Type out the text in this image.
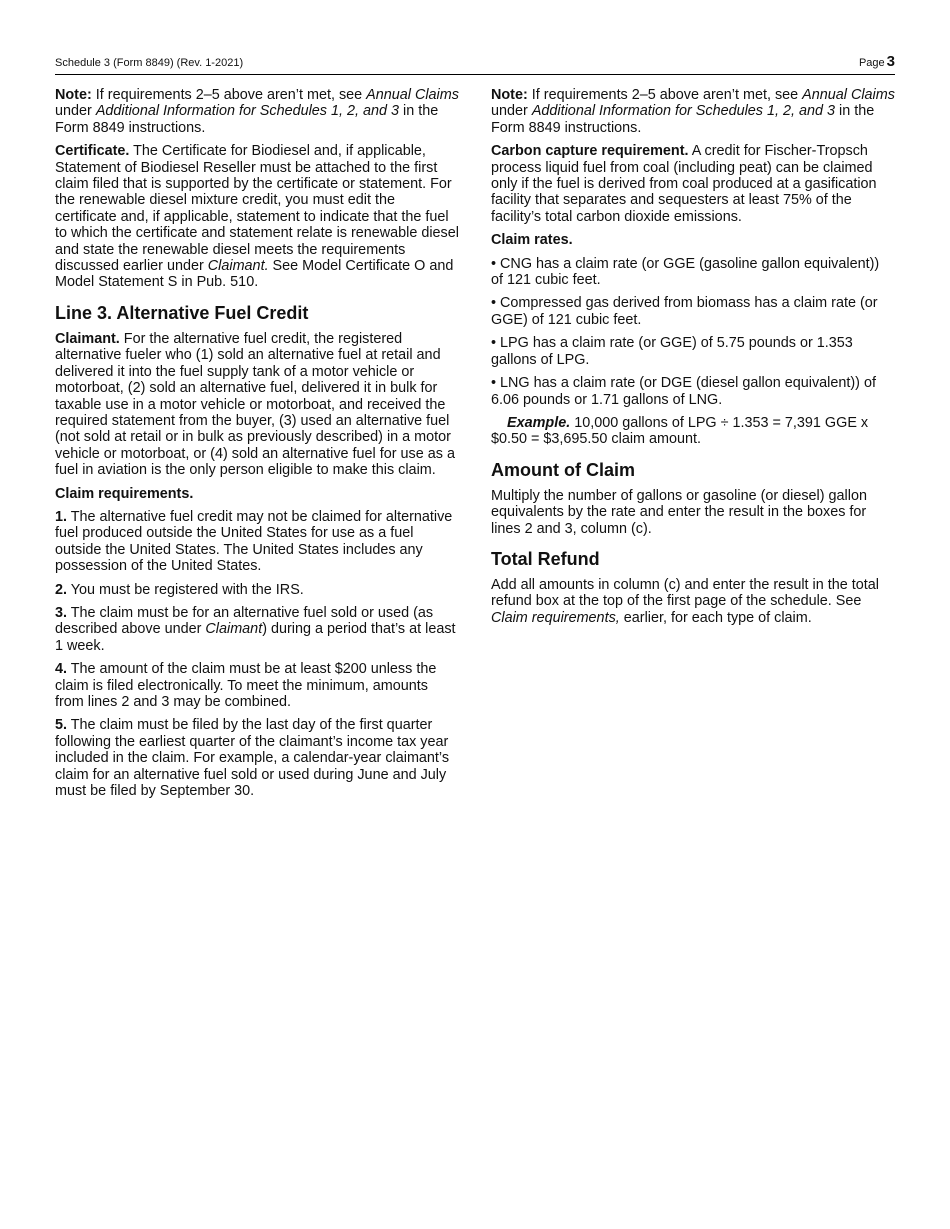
Schedule 3 (Form 8849) (Rev. 1-2021)	Page 3

Note: If requirements 2–5 above aren’t met, see Annual Claims under Additional Information for Schedules 1, 2, and 3 in the Form 8849 instructions.

Certificate. The Certificate for Biodiesel and, if applicable, Statement of Biodiesel Reseller must be attached to the first claim filed that is supported by the certificate or statement. For the renewable diesel mixture credit, you must edit the certificate and, if applicable, statement to indicate that the fuel to which the certificate and statement relate is renewable diesel and state the renewable diesel meets the requirements discussed earlier under Claimant. See Model Certificate O and Model Statement S in Pub. 510.

Line 3. Alternative Fuel Credit

Claimant. For the alternative fuel credit, the registered alternative fueler who (1) sold an alternative fuel at retail and delivered it into the fuel supply tank of a motor vehicle or motorboat, (2) sold an alternative fuel, delivered it in bulk for taxable use in a motor vehicle or motorboat, and received the required statement from the buyer, (3) used an alternative fuel (not sold at retail or in bulk as previously described) in a motor vehicle or motorboat, or (4) sold an alternative fuel for use as a fuel in aviation is the only person eligible to make this claim.

Claim requirements.

1. The alternative fuel credit may not be claimed for alternative fuel produced outside the United States for use as a fuel outside the United States. The United States includes any possession of the United States.

2. You must be registered with the IRS.

3. The claim must be for an alternative fuel sold or used (as described above under Claimant) during a period that’s at least 1 week.

4. The amount of the claim must be at least $200 unless the claim is filed electronically. To meet the minimum, amounts from lines 2 and 3 may be combined.

5. The claim must be filed by the last day of the first quarter following the earliest quarter of the claimant’s income tax year included in the claim. For example, a calendar-year claimant’s claim for an alternative fuel sold or used during June and July must be filed by September 30.

Note: If requirements 2–5 above aren’t met, see Annual Claims under Additional Information for Schedules 1, 2, and 3 in the Form 8849 instructions.

Carbon capture requirement. A credit for Fischer-Tropsch process liquid fuel from coal (including peat) can be claimed only if the fuel is derived from coal produced at a gasification facility that separates and sequesters at least 75% of the facility’s total carbon dioxide emissions.

Claim rates.

• CNG has a claim rate (or GGE (gasoline gallon equivalent)) of 121 cubic feet.

• Compressed gas derived from biomass has a claim rate (or GGE) of 121 cubic feet.

• LPG has a claim rate (or GGE) of 5.75 pounds or 1.353 gallons of LPG.

• LNG has a claim rate (or DGE (diesel gallon equivalent)) of 6.06 pounds or 1.71 gallons of LNG.

Example. 10,000 gallons of LPG ÷ 1.353 = 7,391 GGE x $0.50 = $3,695.50 claim amount.

Amount of Claim

Multiply the number of gallons or gasoline (or diesel) gallon equivalents by the rate and enter the result in the boxes for lines 2 and 3, column (c).

Total Refund

Add all amounts in column (c) and enter the result in the total refund box at the top of the first page of the schedule. See Claim requirements, earlier, for each type of claim.
